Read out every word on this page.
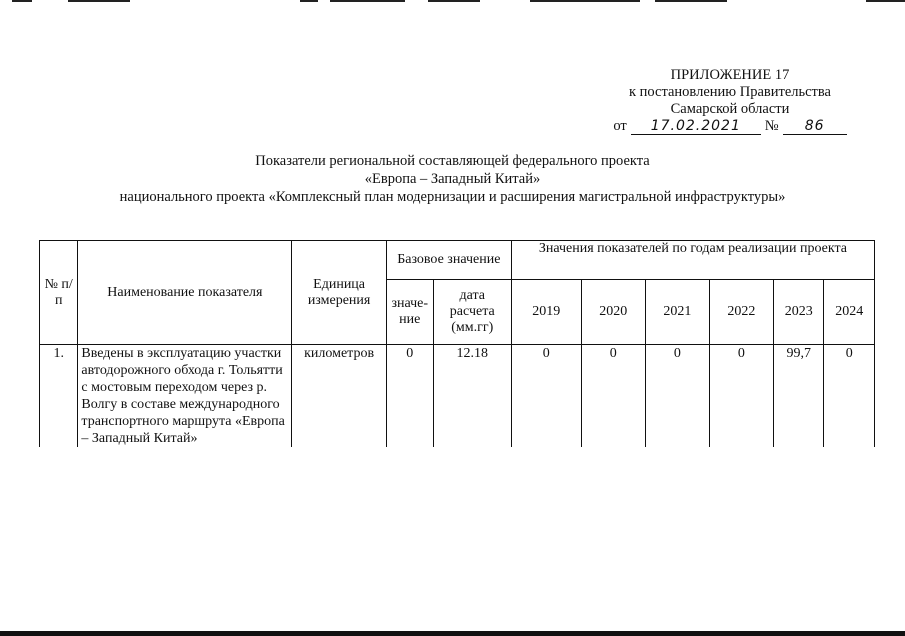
ПРИЛОЖЕНИЕ 17
к постановлению Правительства
Самарской области
от	17.02.2021	№	86
Показатели региональной составляющей федерального проекта
«Европа – Западный Китай»
национального проекта «Комплексный план модернизации и расширения магистральной инфраструктуры»
№ п/п	Наименование показателя	Единица измерения	Базовое значение		Значения показателей по годам реализации проекта					
			значе-ние	дата расчета (мм.гг)	2019	2020	2021	2022	2023	2024
1.	Введены в эксплуатацию участки автодорожного обхода г. Тольятти с мостовым переходом через р. Волгу в составе международного транспортного маршрута «Европа – Западный Китай»	километров	0	12.18	0	0	0	0	99,7	0
